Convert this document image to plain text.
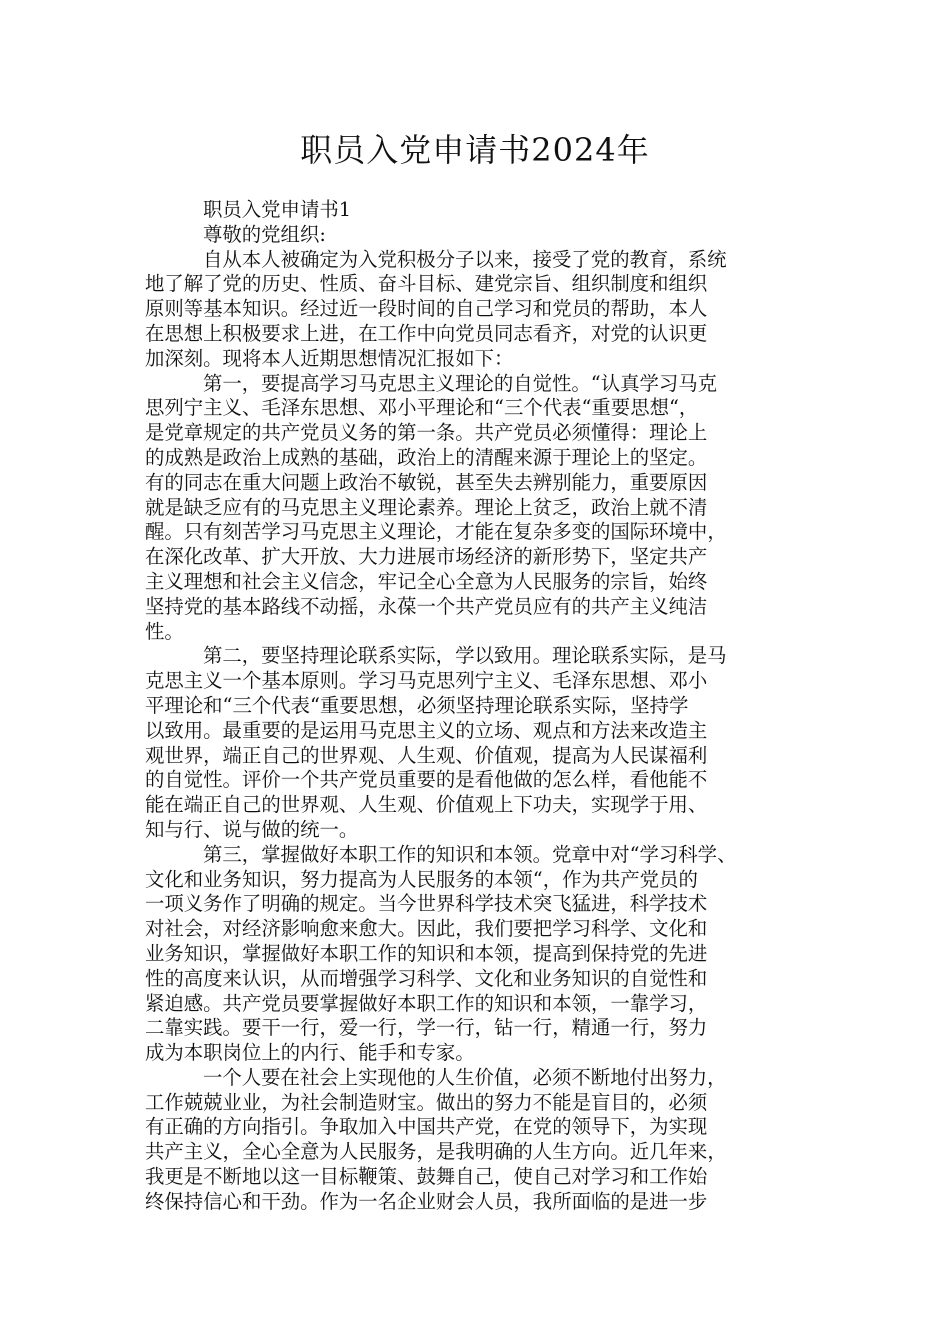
职员入党申请书2024年

职员入党申请书1

尊敬的党组织:

自从本人被确定为入党积极分子以来，接受了党的教育，系统

地了解了党的历史、性质、奋斗目标、建党宗旨、组织制度和组织

原则等基本知识。经过近一段时间的自己学习和党员的帮助，本人

在思想上积极要求上进，在工作中向党员同志看齐，对党的认识更

加深刻。现将本人近期思想情况汇报如下：

第一，要提高学习马克思主义理论的自觉性。“认真学习马克

思列宁主义、毛泽东思想、邓小平理论和“三个代表“重要思想“，

是党章规定的共产党员义务的第一条。共产党员必须懂得：理论上

的成熟是政治上成熟的基础，政治上的清醒来源于理论上的坚定。

有的同志在重大问题上政治不敏锐，甚至失去辨别能力，重要原因

就是缺乏应有的马克思主义理论素养。理论上贫乏，政治上就不清

醒。只有刻苦学习马克思主义理论，才能在复杂多变的国际环境中，

在深化改革、扩大开放、大力进展市场经济的新形势下，坚定共产

主义理想和社会主义信念，牢记全心全意为人民服务的宗旨，始终

坚持党的基本路线不动摇，永葆一个共产党员应有的共产主义纯洁

性。

第二，要坚持理论联系实际，学以致用。理论联系实际，是马

克思主义一个基本原则。学习马克思列宁主义、毛泽东思想、邓小

平理论和“三个代表“重要思想，必须坚持理论联系实际，坚持学

以致用。最重要的是运用马克思主义的立场、观点和方法来改造主

观世界，端正自己的世界观、人生观、价值观，提高为人民谋福利

的自觉性。评价一个共产党员重要的是看他做的怎么样，看他能不

能在端正自己的世界观、人生观、价值观上下功夫，实现学于用、

知与行、说与做的统一。

第三，掌握做好本职工作的知识和本领。党章中对“学习科学、

文化和业务知识，努力提高为人民服务的本领“，作为共产党员的

一项义务作了明确的规定。当今世界科学技术突飞猛进，科学技术

对社会，对经济影响愈来愈大。因此，我们要把学习科学、文化和

业务知识，掌握做好本职工作的知识和本领，提高到保持党的先进

性的高度来认识，从而增强学习科学、文化和业务知识的自觉性和

紧迫感。共产党员要掌握做好本职工作的知识和本领，一靠学习，

二靠实践。要干一行，爱一行，学一行，钻一行，精通一行，努力

成为本职岗位上的内行、能手和专家。

一个人要在社会上实现他的人生价值，必须不断地付出努力，

工作兢兢业业，为社会制造财宝。做出的努力不能是盲目的，必须

有正确的方向指引。争取加入中国共产党，在党的领导下，为实现

共产主义，全心全意为人民服务，是我明确的人生方向。近几年来，

我更是不断地以这一目标鞭策、鼓舞自己，使自己对学习和工作始

终保持信心和干劲。作为一名企业财会人员，我所面临的是进一步
